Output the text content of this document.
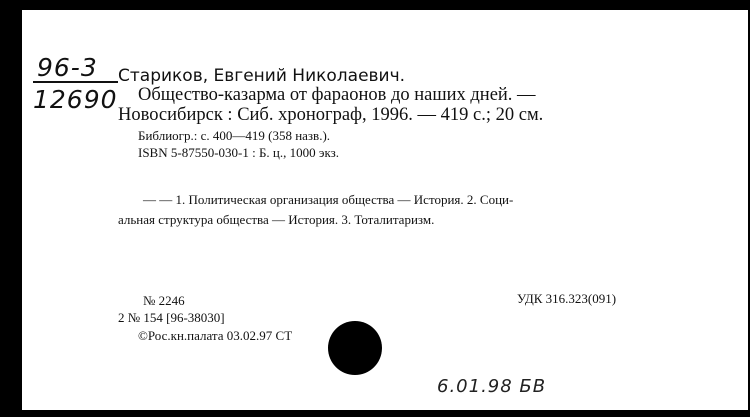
96-3
12690
Стариков, Евгений Николаевич.
Общество-казарма от фараонов до наших дней. —
Новосибирск : Сиб. хронограф, 1996. — 419 с.; 20 см.
Библиогр.: с. 400—419 (358 назв.).
ISBN 5-87550-030-1 : Б. ц., 1000 экз.
— — 1. Политическая организация общества — История. 2. Соци-
альная структура общества — История. 3. Тоталитаризм.
№ 2246
2 № 154 [96-38030]
©Рос.кн.палата 03.02.97 СТ
УДК 316.323(091)
6.01.98 БВ
